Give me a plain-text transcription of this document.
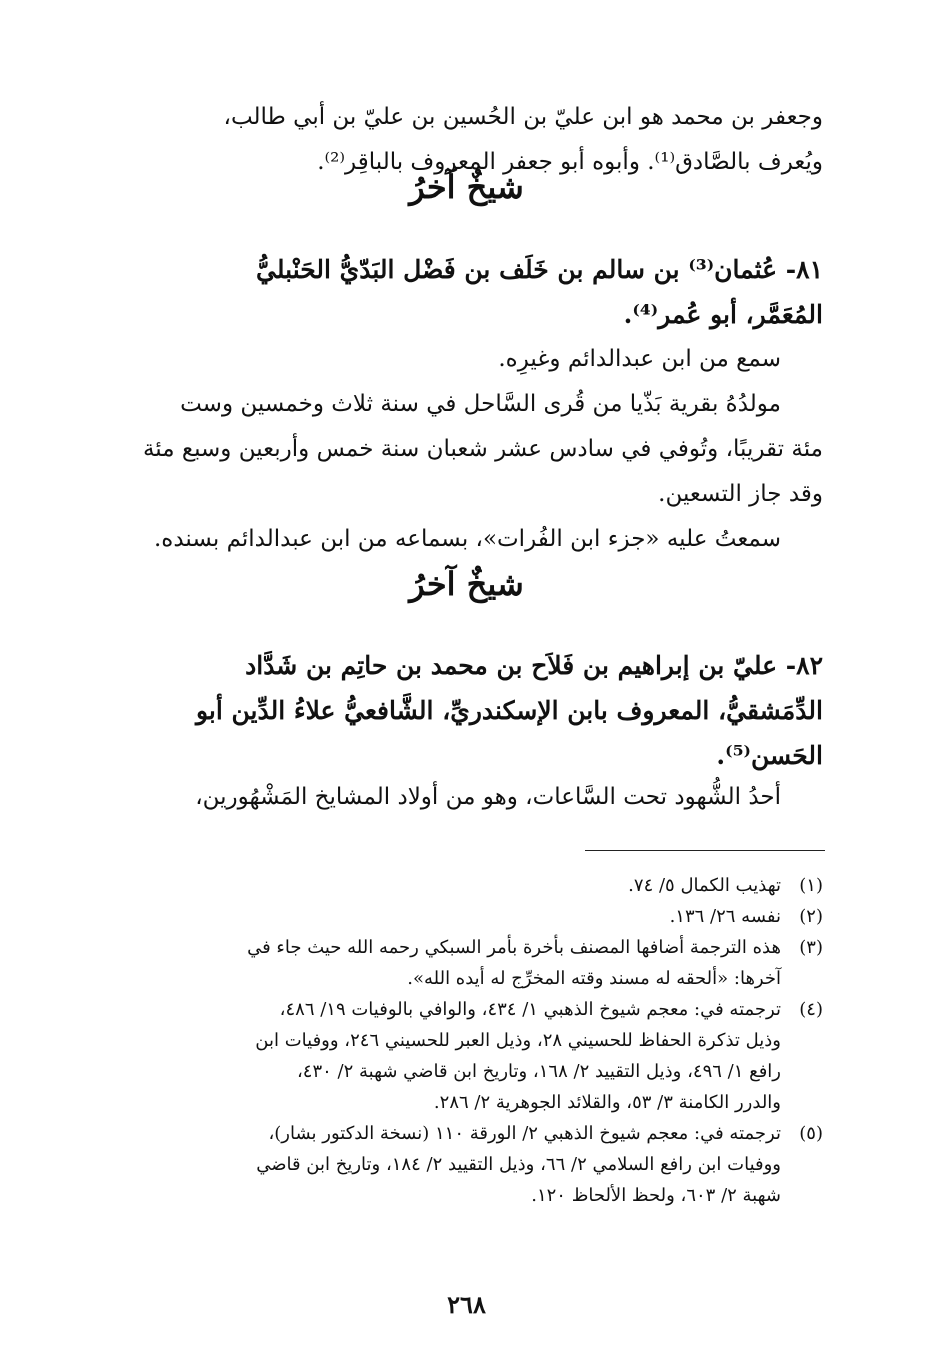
وجعفر بن محمد هو ابن عليّ بن الحُسين بن عليّ بن أبي طالب،
ويُعرف بالصَّادق⁽¹⁾. وأبوه أبو جعفر المعروف بالباقِر⁽²⁾.
شيخٌ آخرُ
٨١- عُثمان⁽³⁾ بن سالم بن خَلَف بن فَضْل البَدّيُّ الحَنْبليُّ
المُعَمَّر، أبو عُمر⁽⁴⁾.
سمع من ابن عبدالدائم وغيرِه.
مولدُهُ بقرية بَذّيا من قُرى السَّاحل في سنة ثلاث وخمسين وست
مئة تقريبًا، وتُوفي في سادس عشر شعبان سنة خمس وأربعين وسبع مئة
وقد جاز التسعين.
سمعتُ عليه «جزء ابن الفُرات»، بسماعه من ابن عبدالدائم بسنده.
شيخٌ آخرُ
٨٢- عليّ بن إبراهيم بن فَلاَح بن محمد بن حاتِم بن شَدَّاد
الدِّمَشقيُّ، المعروف بابن الإسكندريِّ، الشَّافعيُّ علاءُ الدِّين أبو
الحَسن⁽⁵⁾.
أحدُ الشُّهود تحت السَّاعات، وهو من أولاد المشايخ المَشْهُورين،
(١)تهذيب الكمال ٥/ ٧٤.
(٢)نفسه ٢٦/ ١٣٦.
(٣)هذه الترجمة أضافها المصنف بأخرة بأمر السبكي رحمه الله حيث جاء في
آخرها: «ألحقه له مسند وقته المخرِّج له أيده الله».
(٤)ترجمته في: معجم شيوخ الذهبي ١/ ٤٣٤، والوافي بالوفيات ١٩/ ٤٨٦،
وذيل تذكرة الحفاظ للحسيني ٢٨، وذيل العبر للحسيني ٢٤٦، ووفيات ابن
رافع ١/ ٤٩٦، وذيل التقييد ٢/ ١٦٨، وتاريخ ابن قاضي شهبة ٢/ ٤٣٠،
والدرر الكامنة ٣/ ٥٣، والقلائد الجوهرية ٢/ ٢٨٦.
(٥)ترجمته في: معجم شيوخ الذهبي ٢/ الورقة ١١٠ (نسخة الدكتور بشار)،
ووفيات ابن رافع السلامي ٢/ ٦٦، وذيل التقييد ٢/ ١٨٤، وتاريخ ابن قاضي
شهبة ٢/ ٦٠٣، ولحظ الألحاظ ١٢٠.
٢٦٨
